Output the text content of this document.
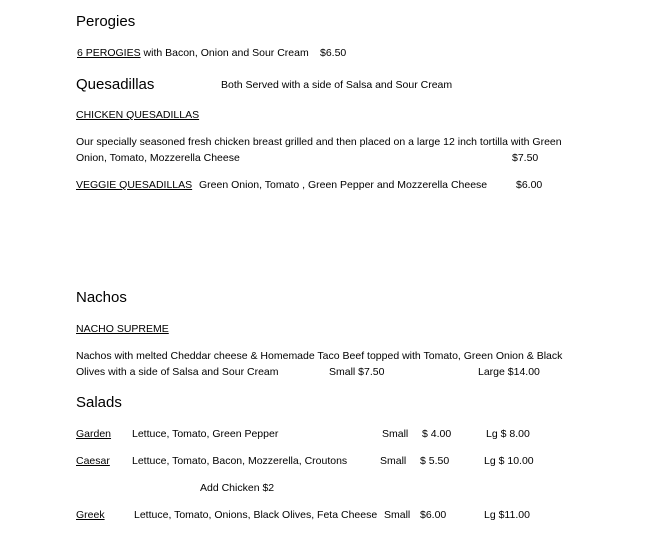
Perogies
6 PEROGIES with Bacon, Onion and Sour Cream $6.50
Quesadillas	Both Served with a side of Salsa and Sour Cream
CHICKEN QUESADILLAS
Our specially seasoned fresh chicken breast grilled and then placed on a large 12 inch tortilla with Green
Onion, Tomato, Mozzerella Cheese	$7.50
VEGGIE QUESADILLAS Green Onion, Tomato , Green Pepper and Mozzerella Cheese	$6.00
Nachos
NACHO SUPREME
Nachos with melted Cheddar cheese & Homemade Taco Beef topped with Tomato, Green Onion & Black
Olives with a side of Salsa and Sour Cream	Small $7.50	Large $14.00
Salads
Garden Lettuce, Tomato, Green Pepper	Small $ 4.00	Lg $ 8.00
Caesar Lettuce, Tomato, Bacon, Mozzerella, Croutons	Small $ 5.50	Lg $ 10.00
Add Chicken $2
Greek	Lettuce, Tomato, Onions, Black Olives, Feta Cheese Small $6.00	Lg $11.00
